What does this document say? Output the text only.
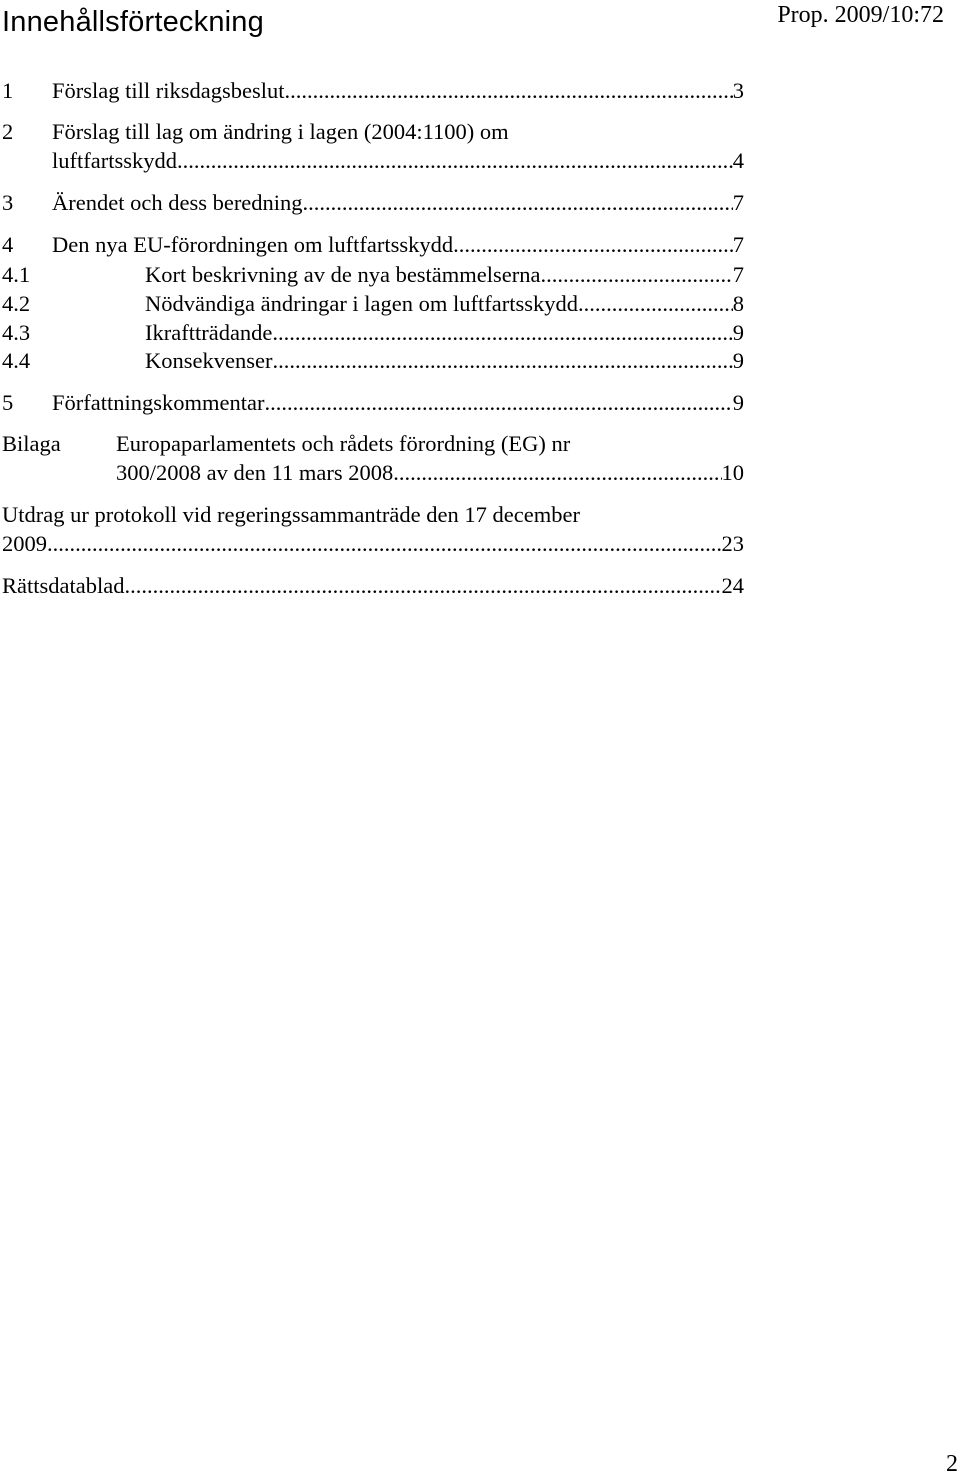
Innehållsförteckning	Prop. 2009/10:72
1 Förslag till riksdagsbeslut .....	3
2 Förslag till lag om ändring i lagen (2004:1100) om
luftfartsskydd .....	4
3 Ärendet och dess beredning .....	7
4 Den nya EU-förordningen om luftfartsskydd .....	7
4.1	Kort beskrivning av de nya bestämmelserna .....	7
4.2	Nödvändiga ändringar i lagen om luftfartsskydd .....	8
4.3	Ikraftträdande .....	9
4.4	Konsekvenser .....	9
5 Författningskommentar .....	9
Bilaga Europaparlamentets och rådets förordning (EG) nr
300/2008 av den 11 mars 2008 .....	10
Utdrag ur protokoll vid regeringssammanträde den 17 december
2009. .....	23
Rättsdatablad .....	24
2
